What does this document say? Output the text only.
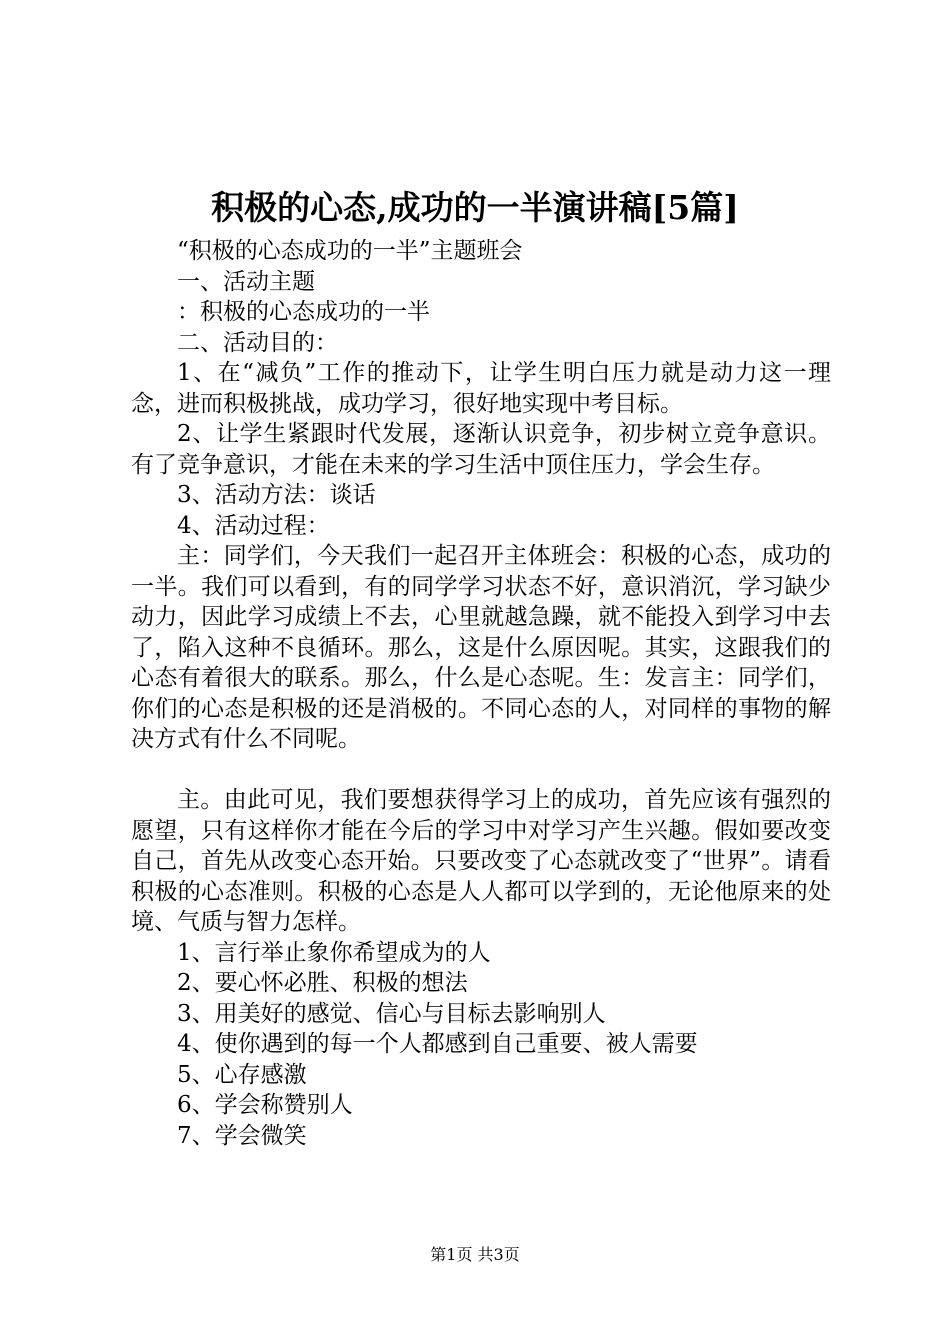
积极的心态,成功的一半演讲稿[5篇]

“积极的心态成功的一半”主题班会

一、活动主题

：积极的心态成功的一半

二、活动目的：

1、在“减负”工作的推动下，让学生明白压力就是动力这一理念，进而积极挑战，成功学习，很好地实现中考目标。

2、让学生紧跟时代发展，逐渐认识竞争，初步树立竞争意识。有了竞争意识，才能在未来的学习生活中顶住压力，学会生存。

3、活动方法：谈话

4、活动过程：

主：同学们，今天我们一起召开主体班会：积极的心态，成功的一半。我们可以看到，有的同学学习状态不好，意识消沉，学习缺少动力，因此学习成绩上不去，心里就越急躁，就不能投入到学习中去了，陷入这种不良循环。那么，这是什么原因呢。其实，这跟我们的心态有着很大的联系。那么，什么是心态呢。生：发言主：同学们，你们的心态是积极的还是消极的。不同心态的人，对同样的事物的解决方式有什么不同呢。

主。由此可见，我们要想获得学习上的成功，首先应该有强烈的愿望，只有这样你才能在今后的学习中对学习产生兴趣。假如要改变自己，首先从改变心态开始。只要改变了心态就改变了“世界”。请看积极的心态准则。积极的心态是人人都可以学到的，无论他原来的处境、气质与智力怎样。

1、言行举止象你希望成为的人

2、要心怀必胜、积极的想法

3、用美好的感觉、信心与目标去影响别人

4、使你遇到的每一个人都感到自己重要、被人需要

5、心存感激

6、学会称赞别人

7、学会微笑

第1页 共3页
